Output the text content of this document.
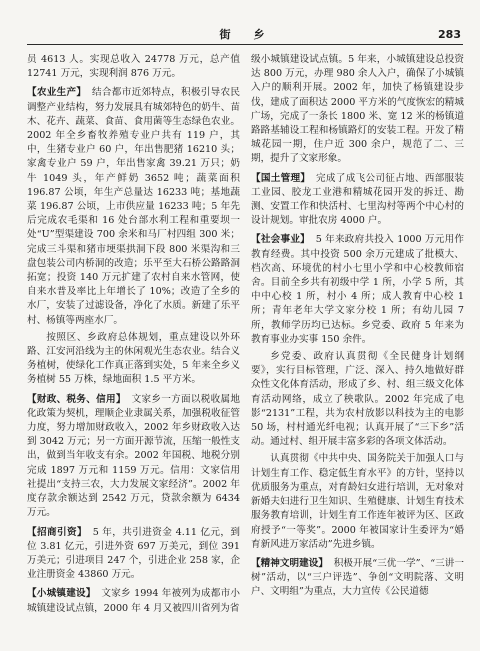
街　乡	283

员 4613 人。实现总收入 24778 万元，总产值 12741 万元，实现利润 876 万元。

【农业生产】 结合都市近郊特点，积极引导农民调整产业结构，努力发展具有城郊特色的奶牛、苗木、花卉、蔬菜、食苗、食用菌等生态绿色农业。2002 年全乡畜牧养殖专业户共有 119 户，其中，生猪专业户 60 户，年出售肥猪 16210 头；家禽专业户 59 户，年出售家禽 39.21 万只；奶牛 1049 头，年产鲜奶 3652 吨；蔬菜面积 196.87 公顷，年生产总量达 16233 吨；基地蔬菜 196.87 公顷，上市供应量 16233 吨；5 年先后完成农毛渠和 16 处台部水利工程和重要坝一处“U”型渠建设 700 余米和马厂村四组 300 米；完成三斗渠和猪市埂渠拱洞下段 800 米渠沟和三盘包装公司内桥洞的改造；乐平至大石桥公路路洞拓宽；投资 140 万元扩建了农村自来水管网，使自来水普及率比上年增长了 10%；改造了全乡的水厂，安装了过滤设备，净化了水质。新建了乐平村、杨镇等两座水厂。

按照区、乡政府总体规划，重点建设以外环路、江安河沿线为主的休闲观光生态农业。结合义务植树，使绿化工作真正落到实处，5 年来全乡义务植树 55 万株，绿地面积 1.5 平方米。

【财政、税务、信用】 文家乡一方面以税收属地化政策为契机，理顺企业隶属关系，加强税收征管力度，努力增加财政收入，2002 年乡财政收入达到 3042 万元；另一方面开源节流，压缩一般性支出，做到当年收支有余。2002 年国税、地税分别完成 1897 万元和 1159 万元。信用：文家信用社提出“支持三农，大力发展文家经济”。2002 年度存款余额达到 2542 万元，贷款余额为 6434 万元。

【招商引资】 5 年，共引进资金 4.11 亿元，到位 3.81 亿元，引进外资 697 万美元，到位 391 万美元；引进项目 247 个，引进企业 258 家，企业注册资金 43860 万元。

【小城镇建设】 文家乡 1994 年被列为成都市小城镇建设试点镇，2000 年 4 月又被四川省列为省

级小城镇建设试点镇。5 年来，小城镇建设总投资达 800 万元，办理 980 余人入户，确保了小城镇入户的顺利开展。2002 年，加快了杨镇建设步伐，建成了面积达 2000 平方米的气度恢宏的精城广场，完成了一条长 1800 米、宽 12 米的杨镇道路路基辅设工程和杨镇路灯的安装工程。开发了精城花园一期，住户近 300 余户，规范了二、三期，提升了文家形象。

【国土管理】 完成了成飞公司征占地、西部服装工业园、胶龙工业港和精城花园开发的拆迁、勘测、安置工作和快活村、七里沟村等两个中心村的设计规划。审批农房 4000 户。

【社会事业】 5 年来政府共投入 1000 万元用作教育经费。其中投资 500 余万元建成了批模大、档次高、环境优的村小七里小学和中心校教师宿舍。目前全乡共有初级中学 1 所，小学 5 所，其中中心校 1 所，村小 4 所；成人教育中心校 1 所；青年老年大学文家分校 1 所；有幼儿园 7 所，教师学历均已达标。乡党委、政府 5 年来为教育事业办实事 150 余件。

乡党委、政府认真贯彻《全民健身计划纲要》，实行目标管理，广泛、深入、持久地做好群众性文化体育活动，形成了乡、村、组三级文化体育活动网络，成立了秧歌队。2002 年完成了电影“2131”工程，共为农村放影以科技为主的电影 50 场，村村通光纤电视；认真开展了“三下乡”活动。通过村、组开展丰富多彩的各项文体活动。

认真贯彻《中共中央、国务院关于加强人口与计划生育工作、稳定低生育水平》的方针，坚持以优质服务为重点，对育龄妇女进行培训，无对象对新婚夫妇进行卫生知识、生殖健康、计划生育技术服务教育培训，计划生育工作连年被评为区、区政府授予“一等奖”。2000 年被国家计生委评为“婚育新风进万家活动”先进乡镇。

【精神文明建设】 积极开展“三优一学”、“三讲一树”活动，以“三户评选”、争创“文明院落、文明户、文明组”为重点，大力宣传《公民道德
